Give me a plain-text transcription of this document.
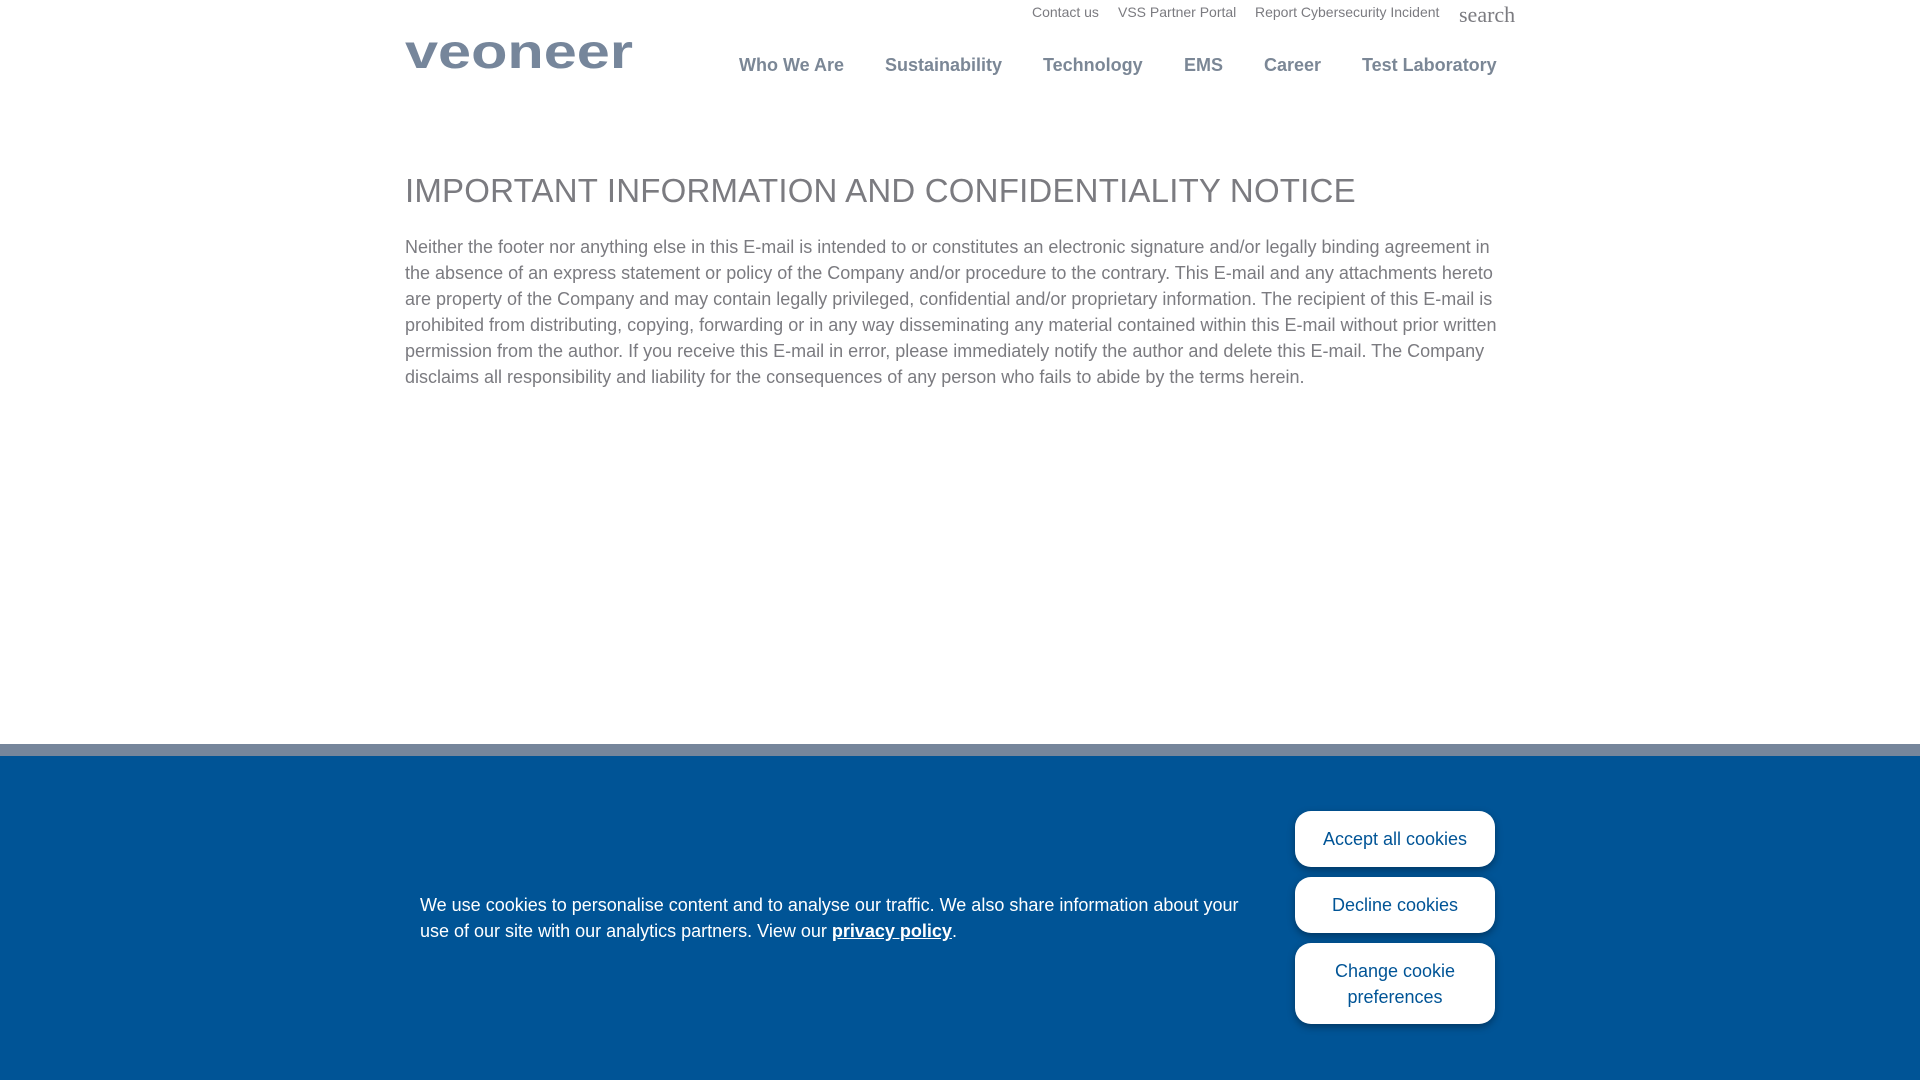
Contact us VSS Partner Portal Report Cybersecurity Incident search
veoneer	Who We Are Sustainability Technology EMS Career Test Laboratory
IMPORTANT INFORMATION AND CONFIDENTIALITY NOTICE

Neither the footer nor anything else in this E-mail is intended to or constitutes an electronic signature and/or legally binding agreement in the absence of an express statement or policy of the Company and/or procedure to the contrary. This E-mail and any attachments hereto are property of the Company and may contain legally privileged, confidential and/or proprietary information. The recipient of this E-mail is prohibited from distributing, copying, forwarding or in any way disseminating any material contained within this E-mail without prior written permission from the author. If you receive this E-mail in error, please immediately notify the author and delete this E-mail. The Company disclaims all responsibility and liability for the consequences of any person who fails to abide by the terms herein.

We use cookies to personalise content and to analyse our traffic. We also share information about your use of our site with our analytics partners. View our privacy policy.

Accept all cookies
Decline cookies
Change cookie preferences
